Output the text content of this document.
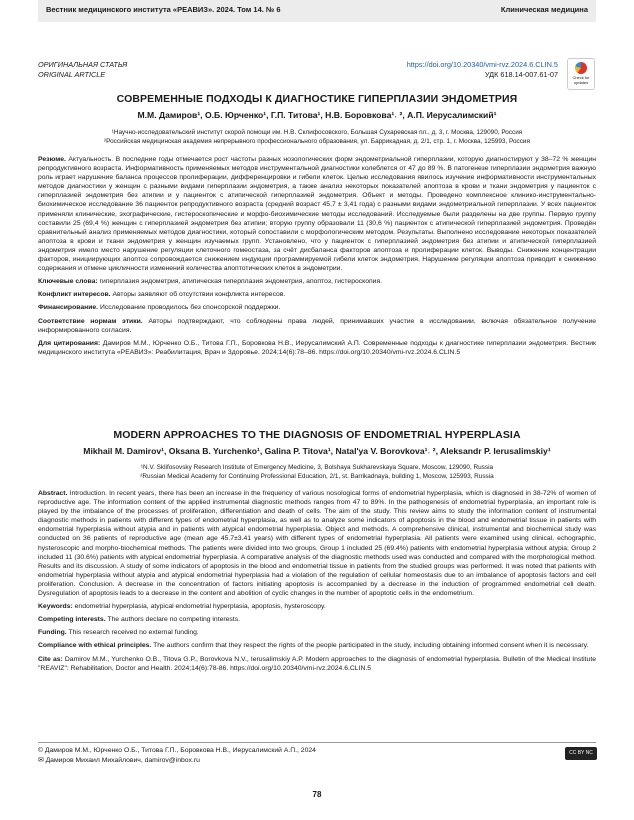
Вестник медицинского института «РЕАВИЗ». 2024. Том 14. № 6	Клиническая медицина
ОРИГИНАЛЬНАЯ СТАТЬЯ
ORIGINAL ARTICLE
https://doi.org/10.20340/vmi-rvz.2024.6.CLIN.5
УДК 618.14-007.61-07	Check for updates
СОВРЕМЕННЫЕ ПОДХОДЫ К ДИАГНОСТИКЕ ГИПЕРПЛАЗИИ ЭНДОМЕТРИЯ
М.М. Дамиров¹, О.Б. Юрченко¹, Г.П. Титова¹, Н.В. Боровкова¹˒ ², А.П. Иерусалимский¹
¹Научно-исследовательский институт скорой помощи им. Н.В. Склифосовского, Большая Сухаревская пл., д. 3, г. Москва, 129090, Россия
²Российская медицинская академия непрерывного профессионального образования, ул. Баррикадная, д. 2/1, стр. 1, г. Москва, 125993, Россия

Резюме. Актуальность. В последние годы отмечается рост частоты разных нозологических форм эндометриальной гиперплазии, которую диагностируют у 38–72 % женщин репродуктивного возраста. Информативность применяемых методов инструментальной диагностики колеблется от 47 до 89 %. В патогенезе гиперплазии эндометрия важную роль играет нарушение баланса процессов пролиферации, дифференцировки и гибели клеток. Целью исследования явилось изучение информативности инструментальных методов диагностики у женщин с разными видами гиперплазии эндометрия, а также анализ некоторых показателей апоптоза в крови и ткани эндометрия у пациенток с гиперплазией эндометрия без атипии и у пациенток с атипической гиперплазией эндометрия. Объект и методы. Проведено комплексное клинико-инструментально-биохимическое исследование 36 пациенток репродуктивного возраста (средний возраст 45,7 ± 3,41 года) с разными видами эндометриальной гиперплазии. У всех пациенток применяли клинические, эхографические, гистероскопические и морфо-биохимические методы исследований. Исследуемые были разделены на две группы. Первую группу составили 25 (69,4 %) женщин с гиперплазией эндометрия без атипии; вторую группу образовали 11 (30,6 %) пациенток с атипической гиперплазией эндометрия. Проведён сравнительный анализ применяемых методов диагностики, который сопоставили с морфологическим методом. Результаты. Выполнено исследование некоторых показателей апоптоза в крови и ткани эндометрия у женщин изучаемых групп. Установлено, что у пациенток с гиперплазией эндометрия без атипии и атипической гиперплазией эндометрия имело место нарушение регуляции клеточного гомеостаза, за счёт дисбаланса факторов апоптоза и пролиферации клеток. Выводы. Снижение концентрации факторов, инициирующих апоптоз сопровождается снижением индукции программируемой гибели клеток эндометрия. Нарушение регуляции апоптоза приводит к снижению содержания и отмене цикличности изменений количества апоптотических клеток в эндометрии.

Ключевые слова: гиперплазия эндометрия, атипическая гиперплазия эндометрия, апоптоз, гистероскопия.

Конфликт интересов. Авторы заявляют об отсутствии конфликта интересов.

Финансирование. Исследование проводилось без спонсорской поддержки.

Соответствие нормам этики. Авторы подтверждают, что соблюдены права людей, принимавших участие в исследовании, включая обязательное получение информированного согласия.

Для цитирования: Дамиров М.М., Юрченко О.Б., Титова Г.П., Боровкова Н.В., Иерусалимский А.П. Современные подходы к диагностике гиперплазии эндометрия. Вестник медицинского института «РЕАВИЗ»: Реабилитация, Врач и Здоровье. 2024;14(6):78–86. https://doi.org/10.20340/vmi-rvz.2024.6.CLIN.5

MODERN APPROACHES TO THE DIAGNOSIS OF ENDOMETRIAL HYPERPLASIA
Mikhail M. Damirov¹, Oksana B. Yurchenko¹, Galina P. Titova¹, Natal'ya V. Borovkova¹˒ ², Aleksandr P. Ierusalimskiy¹
¹N.V. Sklifosovsky Research Institute of Emergency Medicine, 3, Bolshaya Sukharevskaya Square, Moscow, 129090, Russia
²Russian Medical Academy for Continuing Professional Education, 2/1, st. Barrikadnaya, building 1, Moscow, 125993, Russia

Abstract. Introduction. In recent years, there has been an increase in the frequency of various nosological forms of endometrial hyperplasia, which is diagnosed in 38-72% of women of reproductive age. The information content of the applied instrumental diagnostic methods ranges from 47 to 89%. In the pathogenesis of endometrial hyperplasia, an important role is played by the imbalance of the processes of proliferation, differentiation and death of cells. The aim of the study. This review aims to study the information content of instrumental diagnostic methods in patients with different types of endometrial hyperplasia, as well as to analyze some indicators of apoptosis in the blood and endometrial tissue in patients with endometrial hyperplasia without atypia and in patients with atypical endometrial hyperplasia. Object and methods. A comprehensive clinical, instrumental and biochemical study was conducted on 36 patients of reproductive age (mean age 45.7±3.41 years) with different types of endometrial hyperplasia. All patients were examined using clinical, echographic, hysteroscopic and morpho-biochemical methods. The patients were divided into two groups. Group 1 included 25 (69.4%) patients with endometrial hyperplasia without atypia; Group 2 included 11 (30.6%) patients with atypical endometrial hyperplasia. A comparative analysis of the diagnostic methods used was conducted and compared with the morphological method. Results and its discussion. A study of some indicators of apoptosis in the blood and endometrial tissue in patients from the studied groups was performed. It was noted that patients with endometrial hyperplasia without atypia and atypical endometrial hyperplasia had a violation of the regulation of cellular homeostasis due to an imbalance of apoptosis factors and cell proliferation. Conclusion. A decrease in the concentration of factors initiating apoptosis is accompanied by a decrease in the induction of programmed endometrial cell death. Dysregulation of apoptosis leads to a decrease in the content and abolition of cyclic changes in the number of apoptotic cells in the endometrium.

Keywords: endometrial hyperplasia, atypical endometrial hyperplasia, apoptosis, hysteroscopy.

Competing interests. The authors declare no competing interests.

Funding. This research received no external funding.

Compliance with ethical principles. The authors confirm that they respect the rights of the people participated in the study, including obtaining informed consent when it is necessary.

Cite as: Damirov M.M., Yurchenko O.B., Titova G.P., Borovkova N.V., Ierusalimskiy A.P. Modern approaches to the diagnosis of endometrial hyperplasia. Bulletin of the Medical Institute "REAVIZ": Rehabilitation, Doctor and Health. 2024;14(6):78-86. https://doi.org/10.20340/vmi-rvz.2024.6.CLIN.5

© Дамиров М.М., Юрченко О.Б., Титова Г.П., Боровкова Н.В., Иерусалимский А.П., 2024
✉ Дамиров Михаил Михайлович, damirov@inbox.ru
CC BY NC
78
